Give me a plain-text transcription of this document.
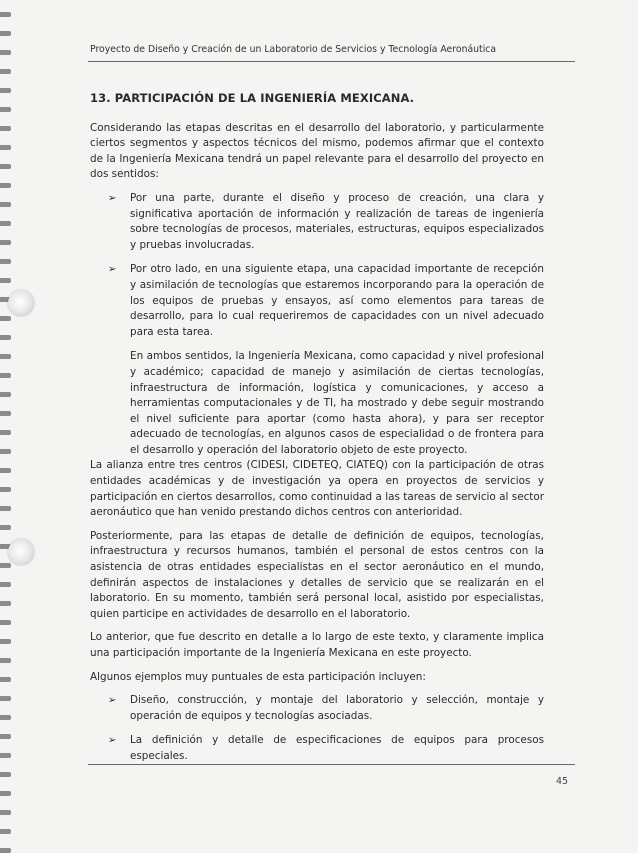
Proyecto de Diseño y Creación de un Laboratorio de Servicios y Tecnología Aeronáutica
13. PARTICIPACIÓN DE LA INGENIERÍA MEXICANA.

Considerando las etapas descritas en el desarrollo del laboratorio, y particularmente ciertos segmentos y aspectos técnicos del mismo, podemos afirmar que el contexto de la Ingeniería Mexicana tendrá un papel relevante para el desarrollo del proyecto en dos sentidos:

➢ Por una parte, durante el diseño y proceso de creación, una clara y significativa aportación de información y realización de tareas de ingeniería sobre tecnologías de procesos, materiales, estructuras, equipos especializados y pruebas involucradas.

➢ Por otro lado, en una siguiente etapa, una capacidad importante de recepción y asimilación de tecnologías que estaremos incorporando para la operación de los equipos de pruebas y ensayos, así como elementos para tareas de desarrollo, para lo cual requeriremos de capacidades con un nivel adecuado para esta tarea.

En ambos sentidos, la Ingeniería Mexicana, como capacidad y nivel profesional y académico; capacidad de manejo y asimilación de ciertas tecnologías, infraestructura de información, logística y comunicaciones, y acceso a herramientas computacionales y de TI, ha mostrado y debe seguir mostrando el nivel suficiente para aportar (como hasta ahora), y para ser receptor adecuado de tecnologías, en algunos casos de especialidad o de frontera para el desarrollo y operación del laboratorio objeto de este proyecto.

La alianza entre tres centros (CIDESI, CIDETEQ, CIATEQ) con la participación de otras entidades académicas y de investigación ya opera en proyectos de servicios y participación en ciertos desarrollos, como continuidad a las tareas de servicio al sector aeronáutico que han venido prestando dichos centros con anterioridad.

Posteriormente, para las etapas de detalle de definición de equipos, tecnologías, infraestructura y recursos humanos, también el personal de estos centros con la asistencia de otras entidades especialistas en el sector aeronáutico en el mundo, definirán aspectos de instalaciones y detalles de servicio que se realizarán en el laboratorio. En su momento, también será personal local, asistido por especialistas, quien participe en actividades de desarrollo en el laboratorio.

Lo anterior, que fue descrito en detalle a lo largo de este texto, y claramente implica una participación importante de la Ingeniería Mexicana en este proyecto.

Algunos ejemplos muy puntuales de esta participación incluyen:

➢ Diseño, construcción, y montaje del laboratorio y selección, montaje y operación de equipos y tecnologías asociadas.

➢ La definición y detalle de especificaciones de equipos para procesos especiales.

45
